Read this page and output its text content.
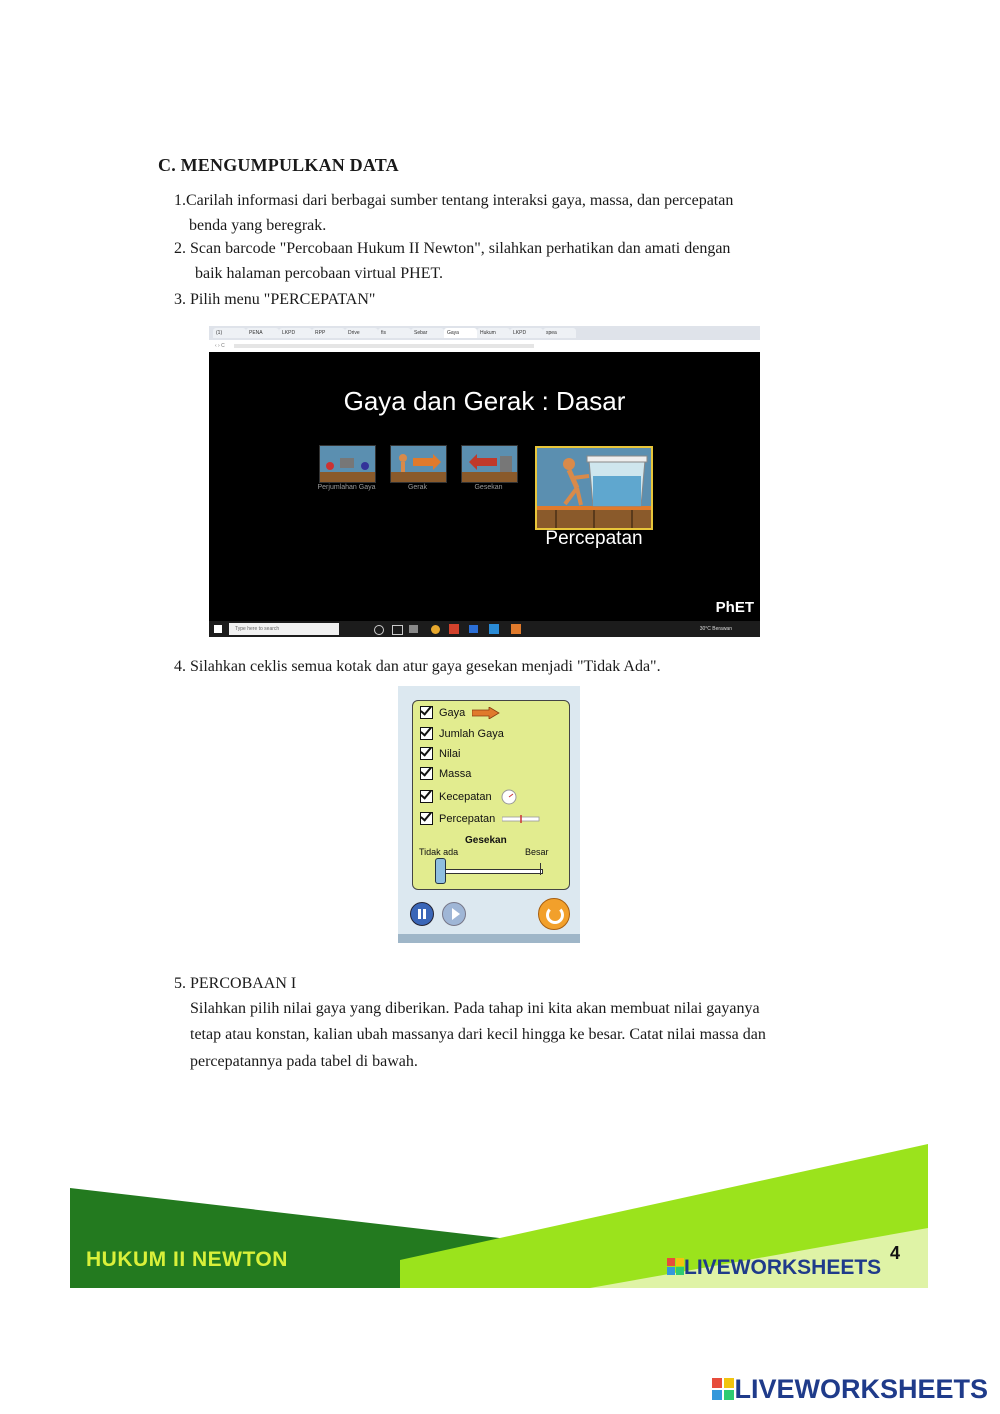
C. MENGUMPULKAN DATA
1.Carilah informasi dari berbagai sumber tentang interaksi gaya, massa, dan percepatan
benda yang beregrak.
2. Scan barcode "Percobaan Hukum II Newton", silahkan perhatikan dan amati dengan
baik halaman percobaan virtual PHET.
3. Pilih menu "PERCEPATAN"
(1)	PENA	LKPD	RPP	Drive	fis	Sebar	Gaya	Hukum	LKPD	spea
‹ › C
Gaya dan Gerak : Dasar
Perjumlahan Gaya	Gerak	Gesekan
Percepatan
PhET
Type here to search	30°C Berawan
4. Silahkan ceklis semua kotak dan atur gaya gesekan menjadi "Tidak Ada".
Gaya
Jumlah Gaya
Nilai
Massa
Kecepatan
Percepatan
Gesekan
Tidak ada	Besar
5. PERCOBAAN I
Silahkan pilih nilai gaya yang diberikan. Pada tahap ini kita akan membuat nilai gayanya
tetap atau konstan, kalian ubah massanya dari kecil hingga ke besar. Catat nilai massa dan
percepatannya pada tabel di bawah.
HUKUM II NEWTON	LIVEWORKSHEETS
4
LIVEWORKSHEETS
